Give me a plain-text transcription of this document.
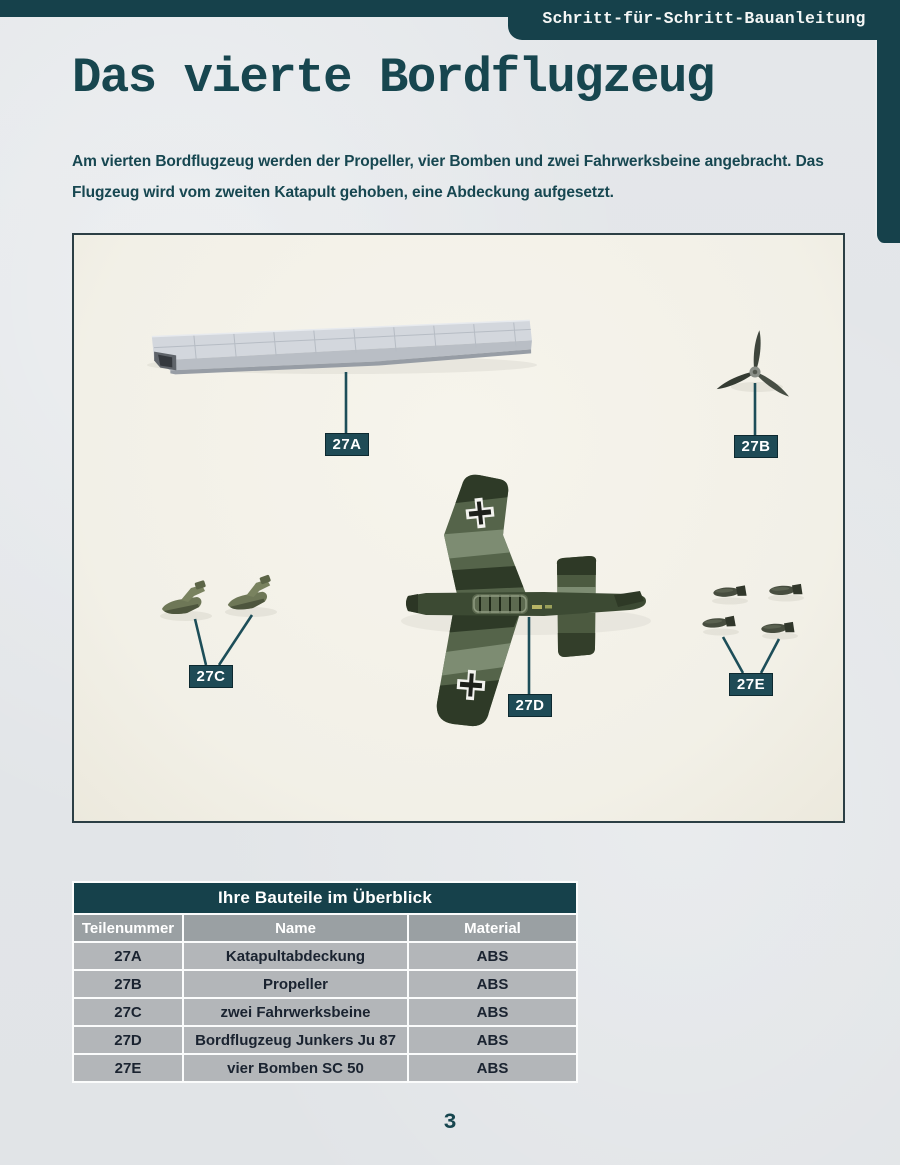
Schritt-für-Schritt-Bauanleitung
Das vierte Bordflugzeug

Am vierten Bordflugzeug werden der Propeller, vier Bomben und zwei Fahrwerksbeine angebracht. Das Flugzeug wird vom zweiten Katapult gehoben, eine Abdeckung aufgesetzt.

27A	27B
27C
27D
27E
Ihre Bauteile im Überblick
Teilenummer	Name	Material
27A	Katapultabdeckung	ABS
27B	Propeller	ABS
27C	zwei Fahrwerksbeine	ABS
27D	Bordflugzeug Junkers Ju 87	ABS
27E	vier Bomben SC 50	ABS
3
